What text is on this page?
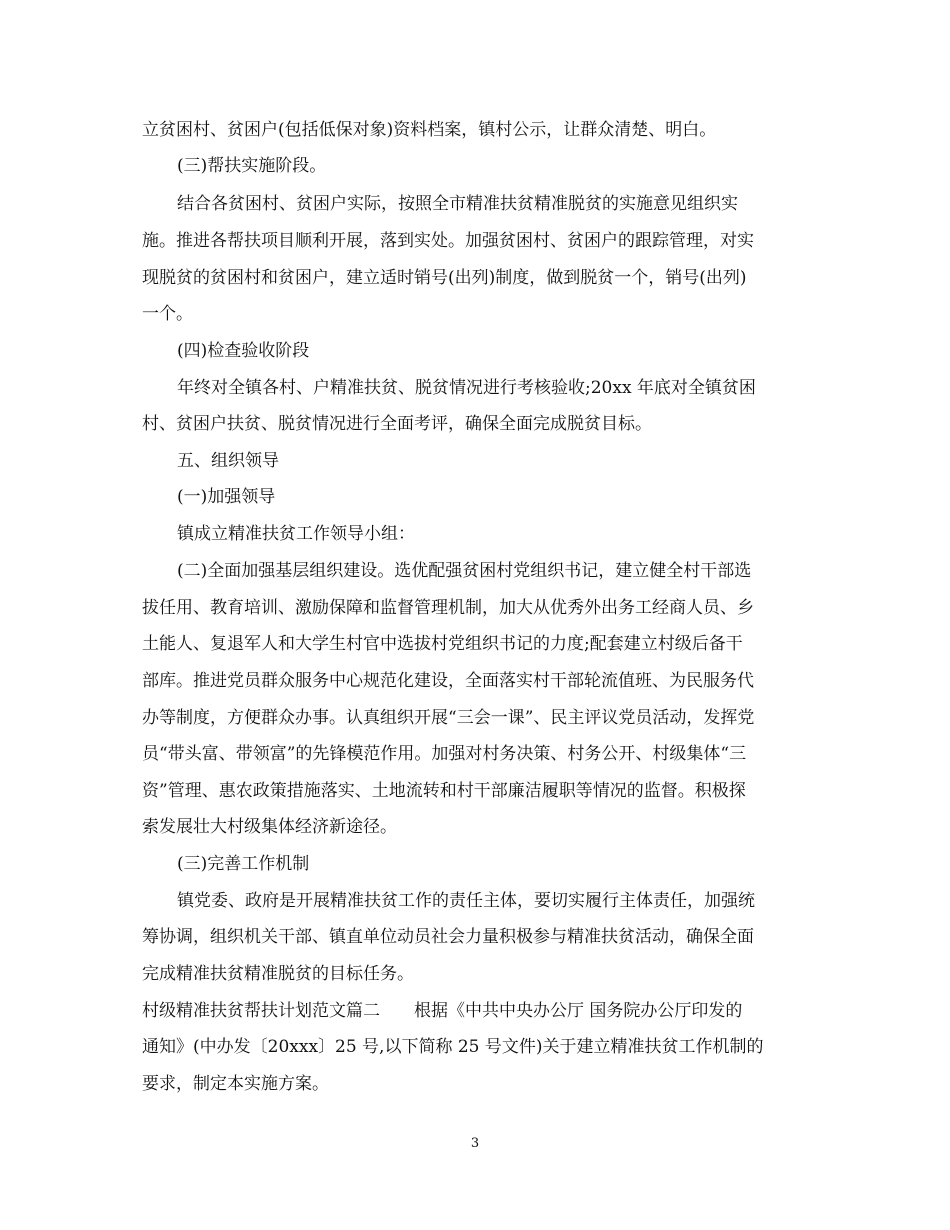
立贫困村、贫困户(包括低保对象)资料档案，镇村公示，让群众清楚、明白。
(三)帮扶实施阶段。
结合各贫困村、贫困户实际，按照全市精准扶贫精准脱贫的实施意见组织实
施。推进各帮扶项目顺利开展，落到实处。加强贫困村、贫困户的跟踪管理，对实
现脱贫的贫困村和贫困户，建立适时销号(出列)制度，做到脱贫一个，销号(出列)
一个。
(四)检查验收阶段
年终对全镇各村、户精准扶贫、脱贫情况进行考核验收;20xx 年底对全镇贫困
村、贫困户扶贫、脱贫情况进行全面考评，确保全面完成脱贫目标。
五、组织领导
(一)加强领导
镇成立精准扶贫工作领导小组：
(二)全面加强基层组织建设。选优配强贫困村党组织书记，建立健全村干部选
拔任用、教育培训、激励保障和监督管理机制，加大从优秀外出务工经商人员、乡
土能人、复退军人和大学生村官中选拔村党组织书记的力度;配套建立村级后备干
部库。推进党员群众服务中心规范化建设，全面落实村干部轮流值班、为民服务代
办等制度，方便群众办事。认真组织开展“三会一课”、民主评议党员活动，发挥党
员“带头富、带领富”的先锋模范作用。加强对村务决策、村务公开、村级集体“三
资”管理、惠农政策措施落实、土地流转和村干部廉洁履职等情况的监督。积极探
索发展壮大村级集体经济新途径。
(三)完善工作机制
镇党委、政府是开展精准扶贫工作的责任主体，要切实履行主体责任，加强统
筹协调，组织机关干部、镇直单位动员社会力量积极参与精准扶贫活动，确保全面
完成精准扶贫精准脱贫的目标任务。
村级精准扶贫帮扶计划范文篇二　　根据《中共中央办公厅 国务院办公厅印发的
通知》(中办发〔20xxx〕25 号,以下简称 25 号文件)关于建立精准扶贫工作机制的
要求，制定本实施方案。
3
